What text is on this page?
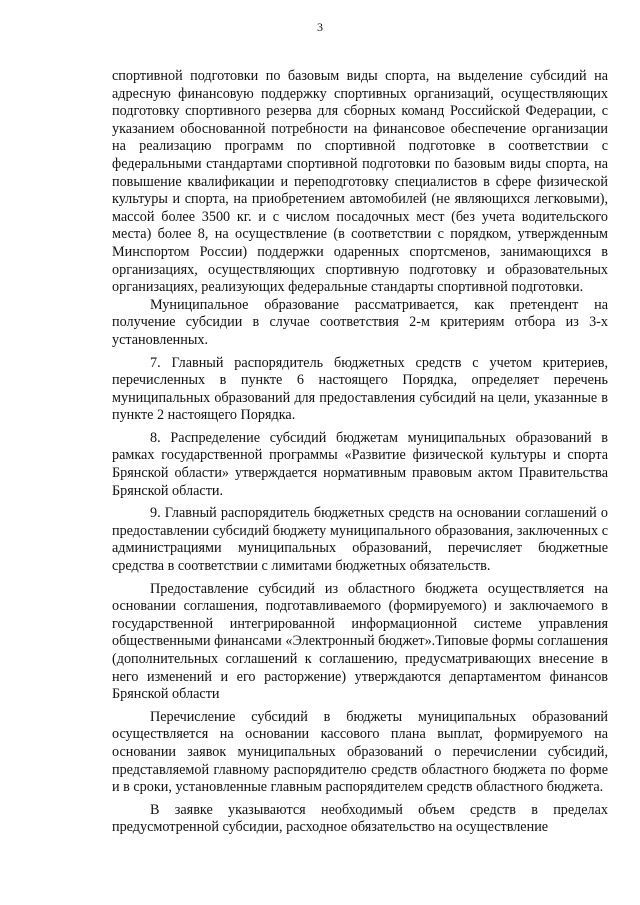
3

спортивной подготовки по базовым виды спорта, на выделение субсидий на адресную финансовую поддержку спортивных организаций, осуществляющих подготовку спортивного резерва для сборных команд Российской Федерации, с указанием обоснованной потребности на финансовое обеспечение организации на реализацию программ по спортивной подготовке в соответствии с федеральными стандартами спортивной подготовки по базовым виды спорта, на повышение квалификации и переподготовку специалистов в сфере физической культуры и спорта, на приобретением автомобилей (не являющихся легковыми), массой более 3500 кг. и с числом посадочных мест (без учета водительского места) более 8, на осуществление (в соответствии с порядком, утвержденным Минспортом России) поддержки одаренных спортсменов, занимающихся в организациях, осуществляющих спортивную подготовку и образовательных организациях, реализующих федеральные стандарты спортивной подготовки.

Муниципальное образование рассматривается, как претендент на получение субсидии в случае соответствия 2-м критериям отбора из 3-х установленных.

7. Главный распорядитель бюджетных средств с учетом критериев, перечисленных в пункте 6 настоящего Порядка, определяет перечень муниципальных образований для предоставления субсидий на цели, указанные в пункте 2 настоящего Порядка.

8. Распределение субсидий бюджетам муниципальных образований в рамках государственной программы «Развитие физической культуры и спорта Брянской области» утверждается нормативным правовым актом Правительства Брянской области.

9. Главный распорядитель бюджетных средств на основании соглашений о предоставлении субсидий бюджету муниципального образования, заключенных с администрациями муниципальных образований, перечисляет бюджетные средства в соответствии с лимитами бюджетных обязательств.

Предоставление субсидий из областного бюджета осуществляется на основании соглашения, подготавливаемого (формируемого) и заключаемого в государственной интегрированной информационной системе управления общественными финансами «Электронный бюджет».Типовые формы соглашения (дополнительных соглашений к соглашению, предусматривающих внесение в него изменений и его расторжение) утверждаются департаментом финансов Брянской области

Перечисление субсидий в бюджеты муниципальных образований осуществляется на основании кассового плана выплат, формируемого на основании заявок муниципальных образований о перечислении субсидий, представляемой главному распорядителю средств областного бюджета по форме и в сроки, установленные главным распорядителем средств областного бюджета.

В заявке указываются необходимый объем средств в пределах предусмотренной субсидии, расходное обязательство на осуществление
